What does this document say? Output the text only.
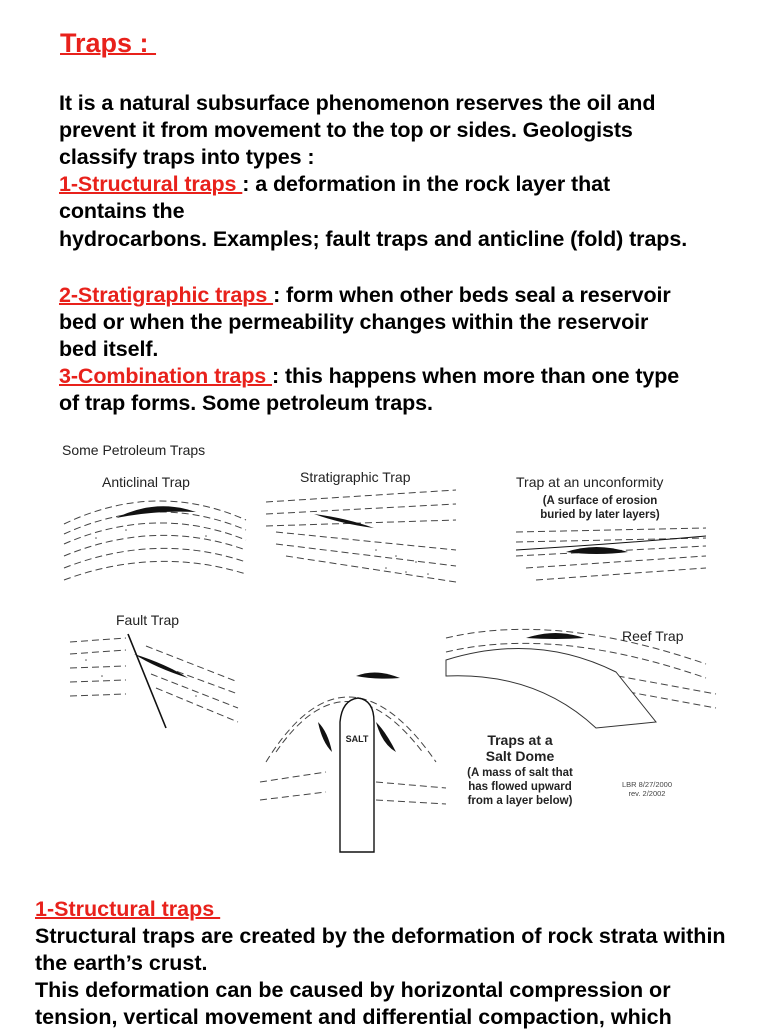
Traps :
It is a natural subsurface phenomenon reserves the oil and
prevent it from movement to the top or sides. Geologists
classify traps into types :
1-Structural traps : a deformation in the rock layer that
contains the
hydrocarbons. Examples; fault traps and anticline (fold) traps.
2-Stratigraphic traps : form when other beds seal a reservoir
bed or when the permeability changes within the reservoir
bed itself.
3-Combination traps : this happens when more than one type
of trap forms. Some petroleum traps.
Some Petroleum Traps
Anticlinal Trap	Stratigraphic Trap	Trap at an unconformity
(A surface of erosion
buried by later layers)
Fault Trap
Reef Trap
SALT	Traps at a
Salt Dome
(A mass of salt that
has flowed upward
from a layer below)
LBR 8/27/2000
rev. 2/2002
1-Structural traps
Structural traps are created by the deformation of rock strata within
the earth’s crust.
This deformation can be caused by horizontal compression or
tension, vertical movement and differential compaction, which
